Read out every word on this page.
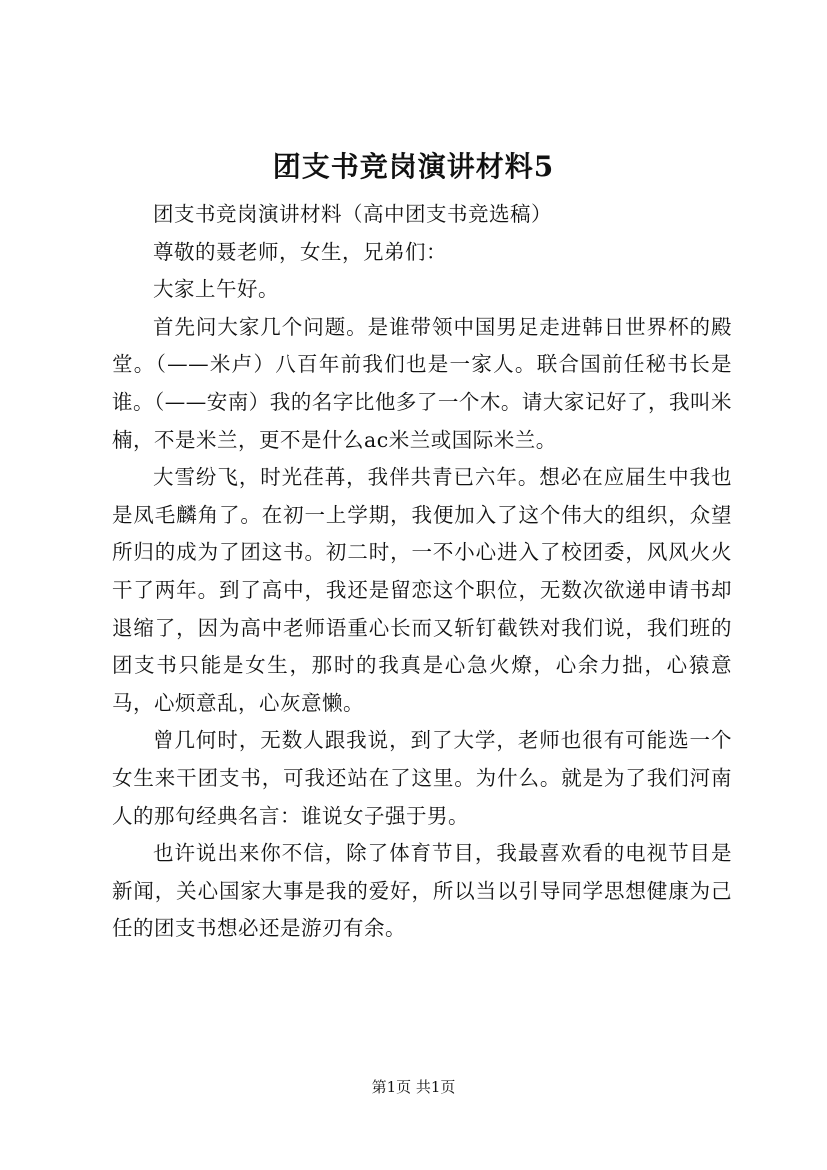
团支书竞岗演讲材料5

团支书竞岗演讲材料（高中团支书竞选稿）

尊敬的聂老师，女生，兄弟们：

大家上午好。

首先问大家几个问题。是谁带领中国男足走进韩日世界杯的殿堂。（——米卢）八百年前我们也是一家人。联合国前任秘书长是谁。（——安南）我的名字比他多了一个木。请大家记好了，我叫米楠，不是米兰，更不是什么ac米兰或国际米兰。

大雪纷飞，时光荏苒，我伴共青已六年。想必在应届生中我也是凤毛麟角了。在初一上学期，我便加入了这个伟大的组织，众望所归的成为了团这书。初二时，一不小心进入了校团委，风风火火干了两年。到了高中，我还是留恋这个职位，无数次欲递申请书却退缩了，因为高中老师语重心长而又斩钉截铁对我们说，我们班的团支书只能是女生，那时的我真是心急火燎，心余力拙，心猿意马，心烦意乱，心灰意懒。

曾几何时，无数人跟我说，到了大学，老师也很有可能选一个女生来干团支书，可我还站在了这里。为什么。就是为了我们河南人的那句经典名言：谁说女子强于男。

也许说出来你不信，除了体育节目，我最喜欢看的电视节目是新闻，关心国家大事是我的爱好，所以当以引导同学思想健康为己任的团支书想必还是游刃有余。

第1页 共1页
